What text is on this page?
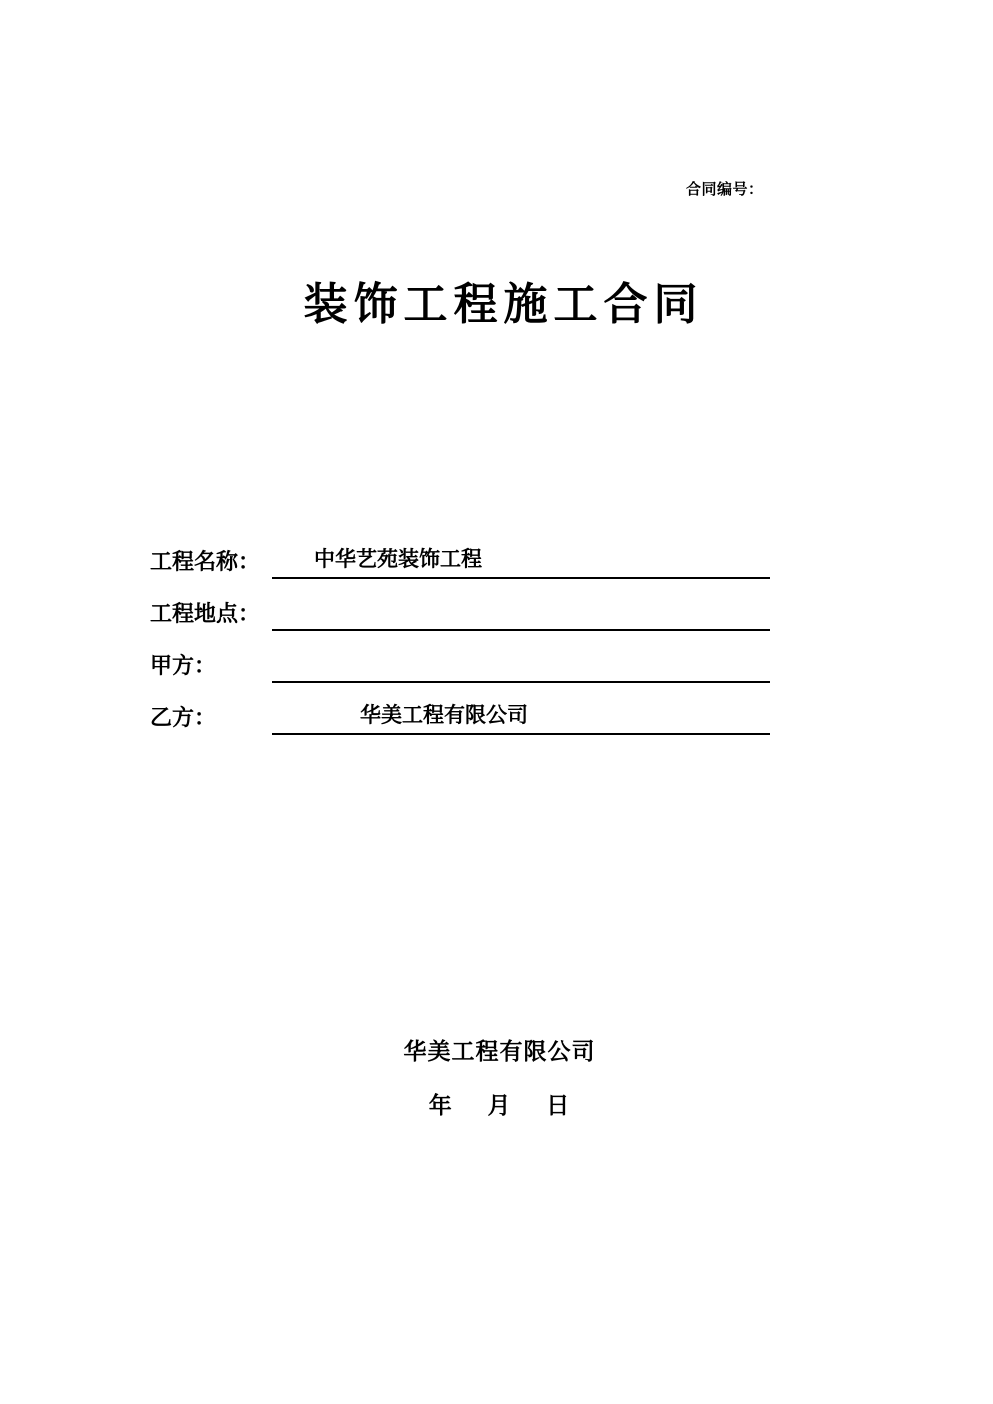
合同编号：
装饰工程施工合同
工程名称：	中华艺苑装饰工程
工程地点：
甲方：
乙方：	华美工程有限公司
华美工程有限公司
年 月 日
